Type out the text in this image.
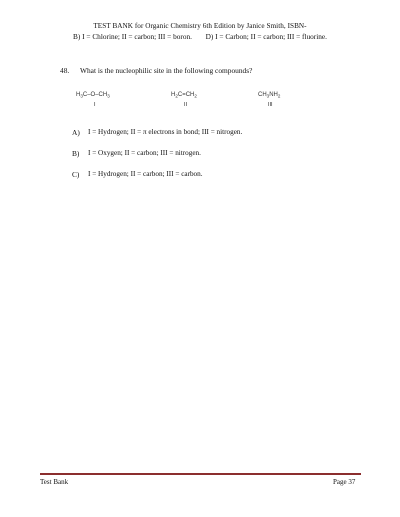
TEST BANK for Organic Chemistry 6th Edition by Janice Smith, ISBN-
B) I = Chlorine; II = carbon; III = boron. D) I = Carbon; II = carbon; III = fluorine.
48. What is the nucleophilic site in the following compounds?
$H_3C-O-CH_3$
I
$H_2C=CH_2$
II
$CH_3NH_2$
III
A) I = Hydrogen; II = π electrons in bond; III = nitrogen.
B) I = Oxygen; II = carbon; III = nitrogen.
C) I = Hydrogen; II = carbon; III = carbon.
Test Bank	Page 37
